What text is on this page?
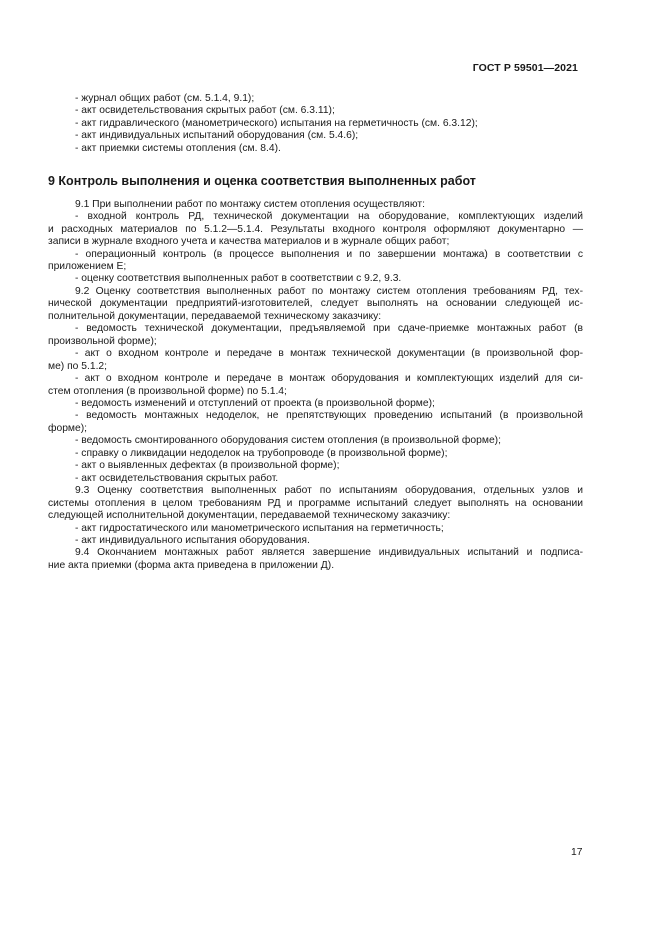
ГОСТ Р 59501—2021
- журнал общих работ (см. 5.1.4, 9.1);
- акт освидетельствования скрытых работ (см. 6.3.11);
- акт гидравлического (манометрического) испытания на герметичность (см. 6.3.12);
- акт индивидуальных испытаний оборудования (см. 5.4.6);
- акт приемки системы отопления (см. 8.4).
9 Контроль выполнения и оценка соответствия выполненных работ
9.1 При выполнении работ по монтажу систем отопления осуществляют:
- входной контроль РД, технической документации на оборудование, комплектующих изделий
и расходных материалов по 5.1.2—5.1.4. Результаты входного контроля оформляют документарно —
записи в журнале входного учета и качества материалов и в журнале общих работ;
- операционный контроль (в процессе выполнения и по завершении монтажа) в соответствии с
приложением Е;
- оценку соответствия выполненных работ в соответствии с 9.2, 9.3.
9.2 Оценку соответствия выполненных работ по монтажу систем отопления требованиям РД, тех-
нической документации предприятий-изготовителей, следует выполнять на основании следующей ис-
полнительной документации, передаваемой техническому заказчику:
- ведомость технической документации, предъявляемой при сдаче-приемке монтажных работ (в
произвольной форме);
- акт о входном контроле и передаче в монтаж технической документации (в произвольной фор-
ме) по 5.1.2;
- акт о входном контроле и передаче в монтаж оборудования и комплектующих изделий для си-
стем отопления (в произвольной форме) по 5.1.4;
- ведомость изменений и отступлений от проекта (в произвольной форме);
- ведомость монтажных недоделок, не препятствующих проведению испытаний (в произвольной
форме);
- ведомость смонтированного оборудования систем отопления (в произвольной форме);
- справку о ликвидации недоделок на трубопроводе (в произвольной форме);
- акт о выявленных дефектах (в произвольной форме);
- акт освидетельствования скрытых работ.
9.3 Оценку соответствия выполненных работ по испытаниям оборудования, отдельных узлов и
системы отопления в целом требованиям РД и программе испытаний следует выполнять на основании
следующей исполнительной документации, передаваемой техническому заказчику:
- акт гидростатического или манометрического испытания на герметичность;
- акт индивидуального испытания оборудования.
9.4 Окончанием монтажных работ является завершение индивидуальных испытаний и подписа-
ние акта приемки (форма акта приведена в приложении Д).
17
